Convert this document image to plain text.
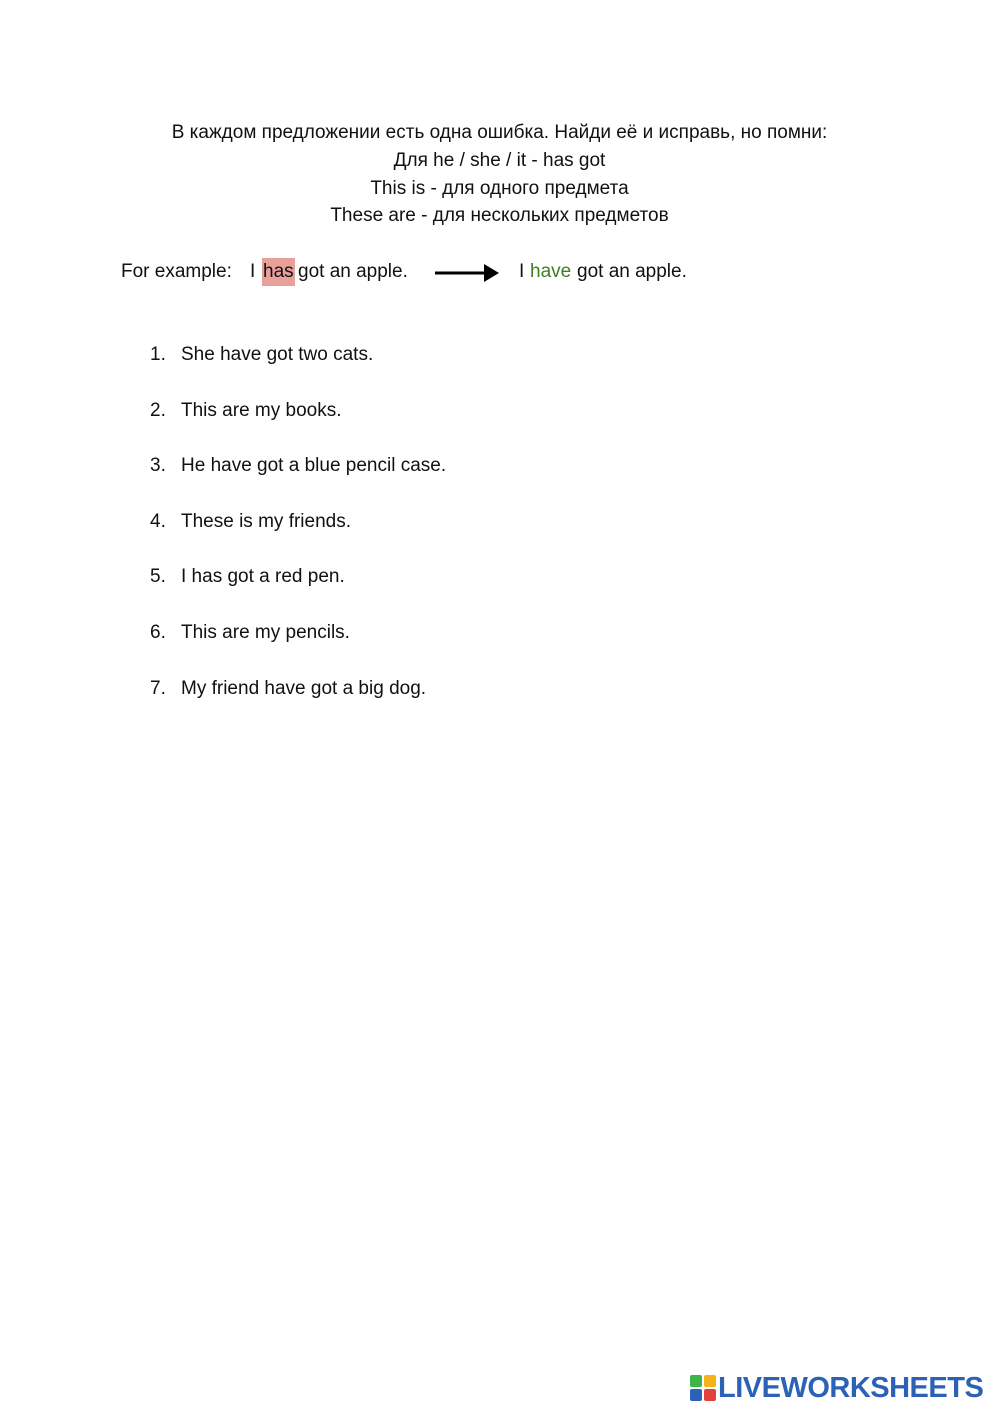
В каждом предложении есть одна ошибка. Найди её и исправь, но помни:
Для he / she / it - has got
This is - для одного предмета
These are - для нескольких предметов
For example: I has got an apple.	I have got an apple.
1. She have got two cats.
2. This are my books.
3. He have got a blue pencil case.
4. These is my friends.
5. I has got a red pen.
6. This are my pencils.
7. My friend have got a big dog.
LIVEWORKSHEETS
